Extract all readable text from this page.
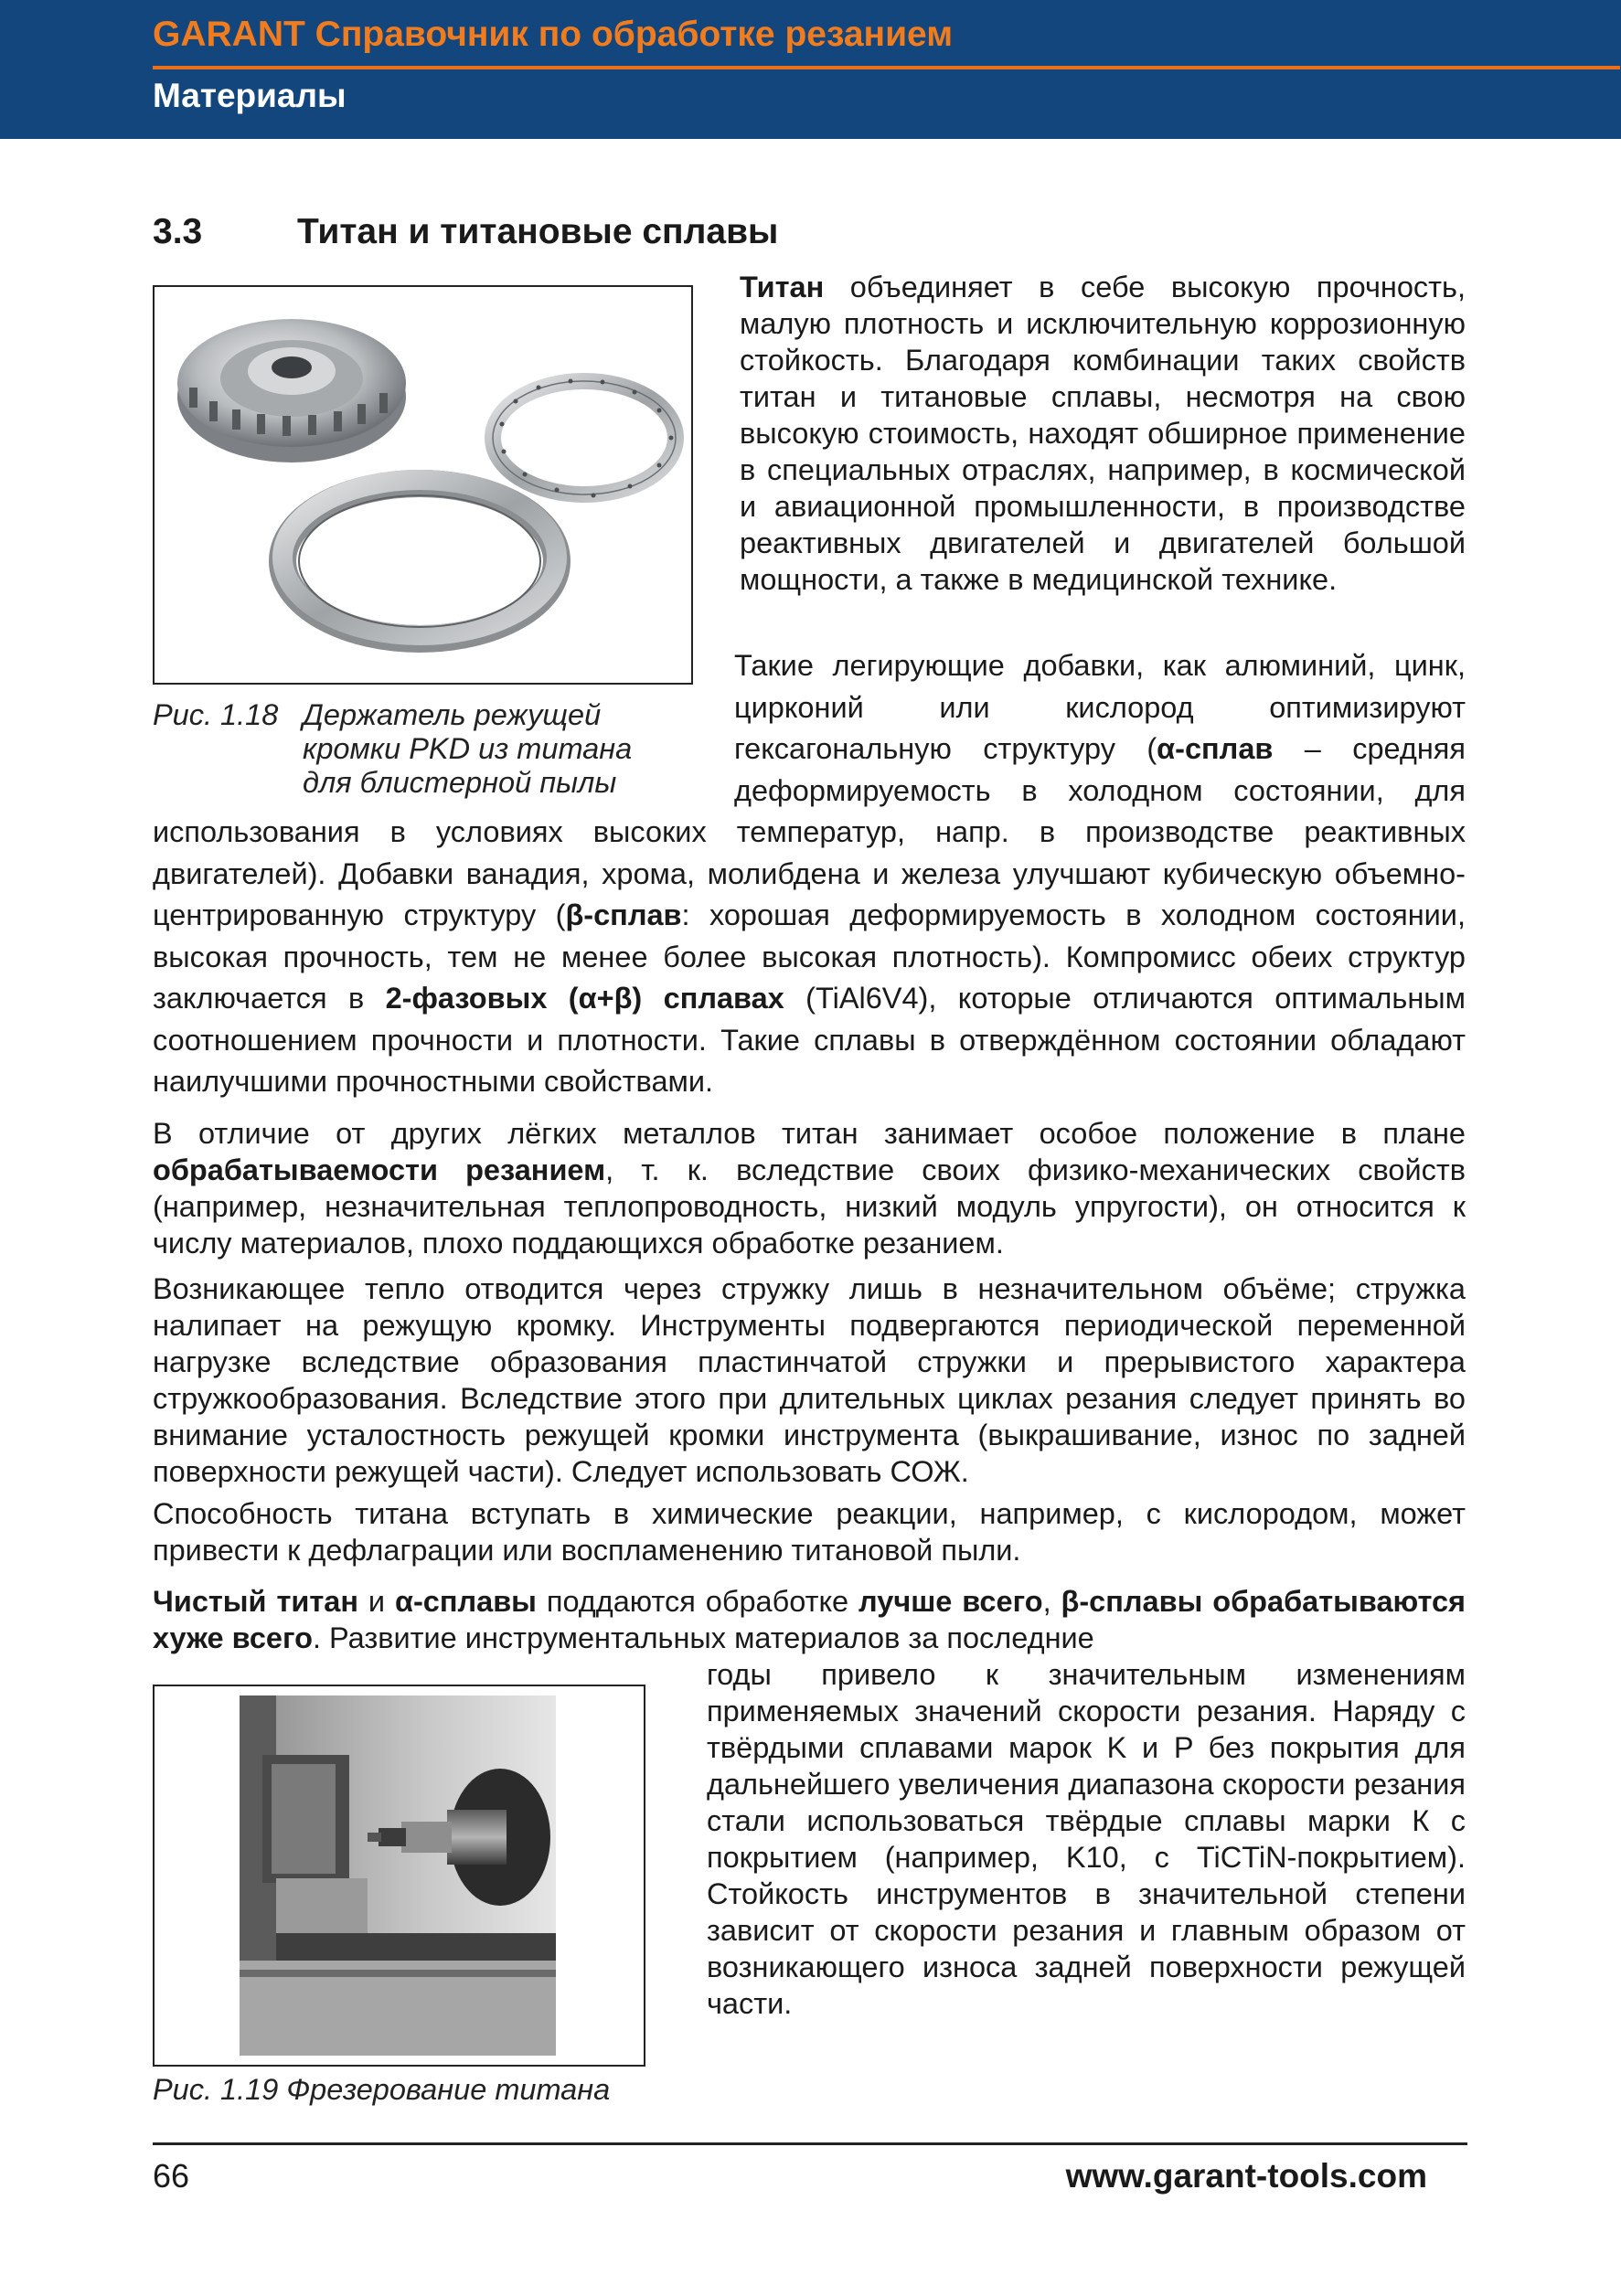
GARANT Справочник по обработке резанием
Материалы
3.3	Титан и титановые сплавы
Рис. 1.18 Держатель режущей кромки PKD из титана для блистерной пылы
Титан объединяет в себе высокую прочность, малую плотность и исключительную коррозионную стойкость. Благодаря комбинации таких свойств титан и титановые сплавы, несмотря на свою высокую стоимость, находят обширное применение в специальных отраслях, например, в космической и авиационной промышленности, в производстве реактивных двигателей и двигателей большой мощности, а также в медицинской технике.
Такие легирующие добавки, как алюминий, цинк, цирконий или кислород оптимизируют гексагональную структуру (α-сплав – средняя деформируемость в холодном состоянии, для использования в условиях высоких температур, напр. в производстве реактивных двигателей). Добавки ванадия, хрома, молибдена и железа улучшают кубическую объемно-центрированную структуру (β-сплав: хорошая деформируемость в холодном состоянии, высокая прочность, тем не менее более высокая плотность). Компромисс обеих структур заключается в 2-фазовых (α+β) сплавах (TiAl6V4), которые отличаются оптимальным соотношением прочности и плотности. Такие сплавы в отверждённом состоянии обладают наилучшими прочностными свойствами.
В отличие от других лёгких металлов титан занимает особое положение в плане обрабатываемости резанием, т. к. вследствие своих физико-механических свойств (например, незначительная теплопроводность, низкий модуль упругости), он относится к числу материалов, плохо поддающихся обработке резанием.
Возникающее тепло отводится через стружку лишь в незначительном объёме; стружка налипает на режущую кромку. Инструменты подвергаются периодической переменной нагрузке вследствие образования пластинчатой стружки и прерывистого характера стружкообразования. Вследствие этого при длительных циклах резания следует принять во внимание усталостность режущей кромки инструмента (выкрашивание, износ по задней поверхности режущей части). Следует использовать СОЖ.
Способность титана вступать в химические реакции, например, с кислородом, может привести к дефлаграции или воспламенению титановой пыли.
Чистый титан и α-сплавы поддаются обработке лучше всего, β-сплавы обрабатываются хуже всего. Развитие инструментальных материалов за последние
Рис. 1.19 Фрезерование титана
годы привело к значительным изменениям применяемых значений скорости резания. Наряду с твёрдыми сплавами марок K и P без покрытия для дальнейшего увеличения диапазона скорости резания стали использоваться твёрдые сплавы марки К с покрытием (например, K10, с TiCTiN-покрытием). Стойкость инструментов в значительной степени зависит от скорости резания и главным образом от возникающего износа задней поверхности режущей части.
66	www.garant-tools.com
